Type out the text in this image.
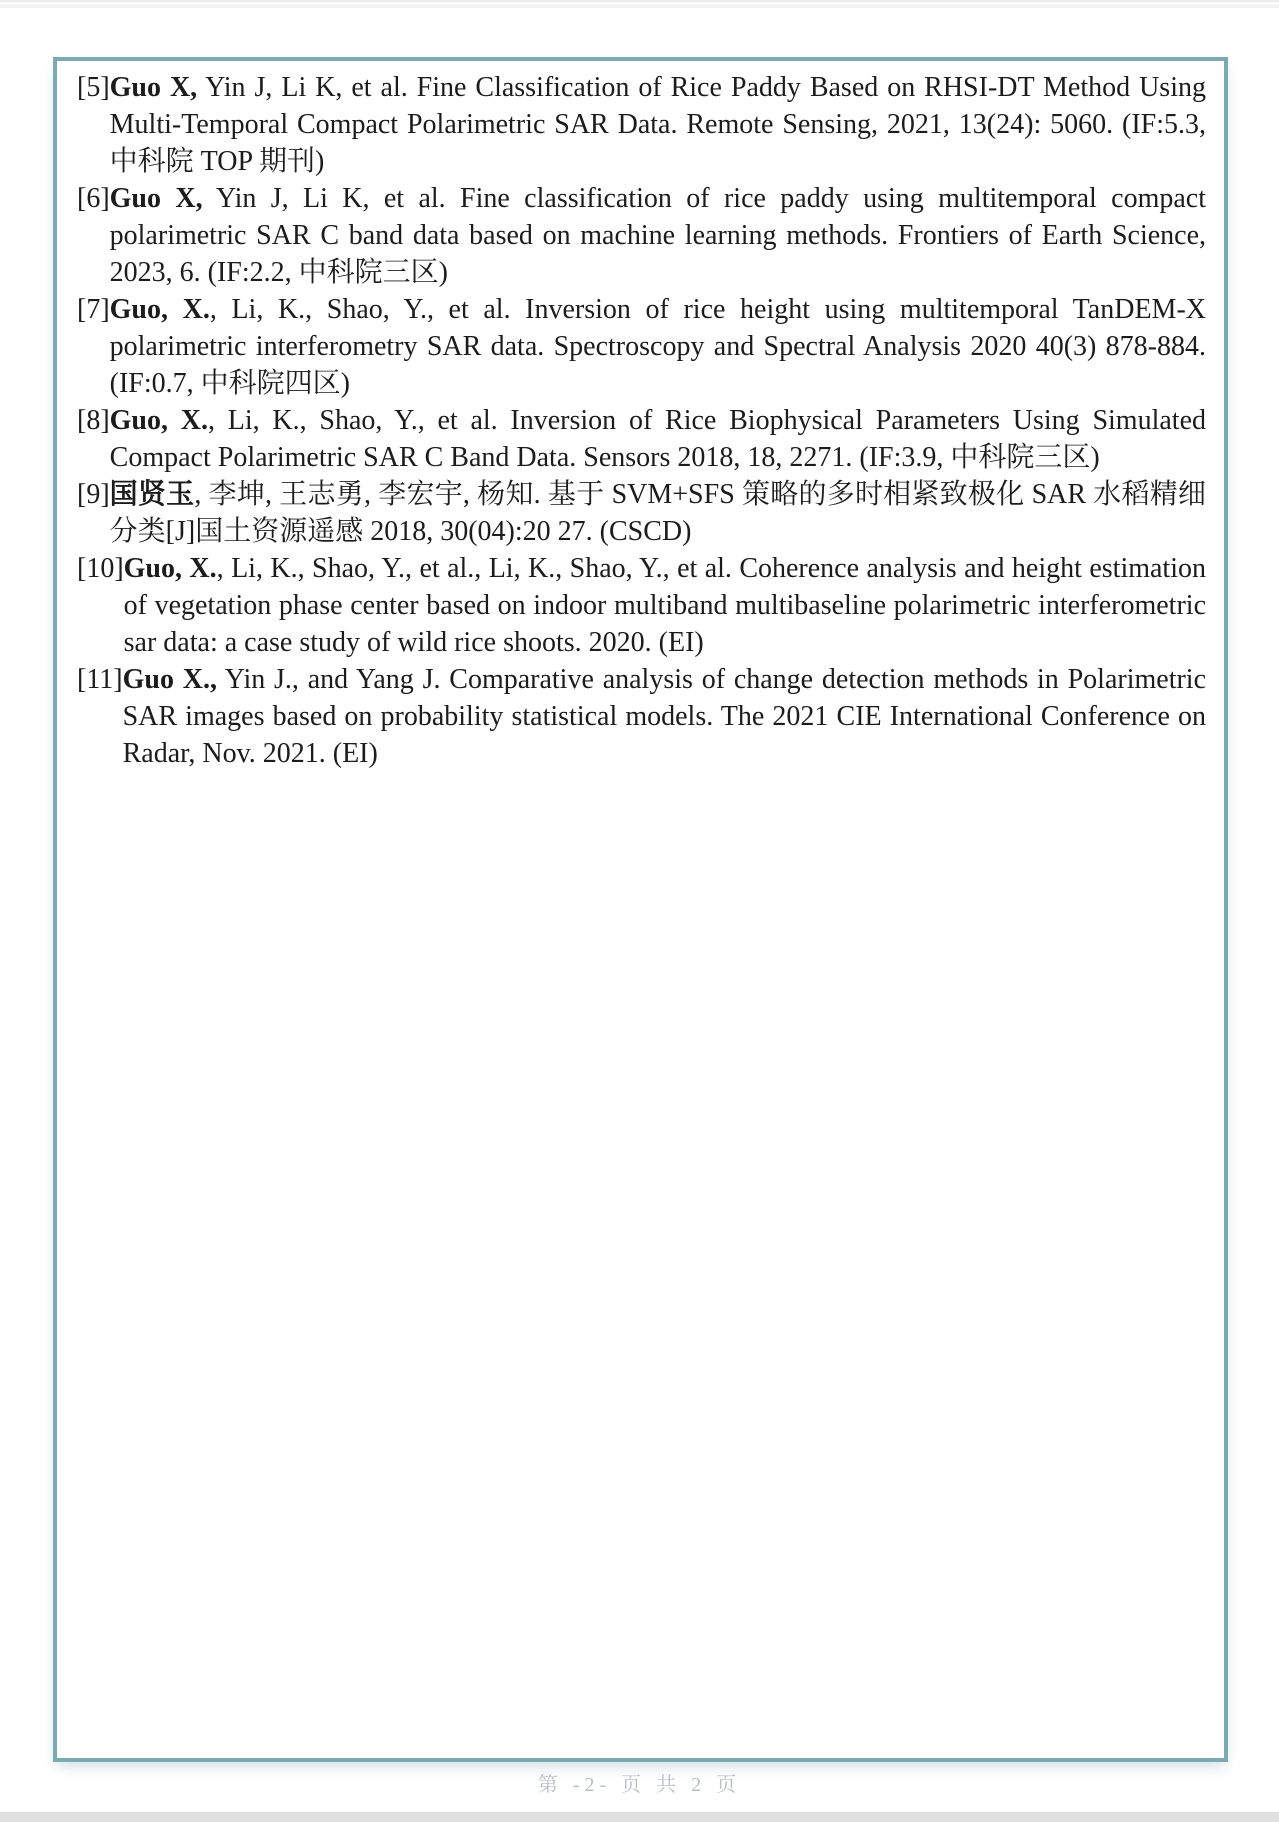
[5] Guo X, Yin J, Li K, et al. Fine Classification of Rice Paddy Based on RHSI-DT Method Using Multi-Temporal Compact Polarimetric SAR Data. Remote Sensing, 2021, 13(24): 5060. (IF:5.3, 中科院 TOP 期刊)
[6] Guo X, Yin J, Li K, et al. Fine classification of rice paddy using multitemporal compact polarimetric SAR C band data based on machine learning methods. Frontiers of Earth Science, 2023, 6. (IF:2.2, 中科院三区)
[7] Guo, X., Li, K., Shao, Y., et al. Inversion of rice height using multitemporal TanDEM-X polarimetric interferometry SAR data. Spectroscopy and Spectral Analysis 2020 40(3) 878-884. (IF:0.7, 中科院四区)
[8] Guo, X., Li, K., Shao, Y., et al. Inversion of Rice Biophysical Parameters Using Simulated Compact Polarimetric SAR C Band Data. Sensors 2018, 18, 2271. (IF:3.9, 中科院三区)
[9] 国贤玉, 李坤, 王志勇, 李宏宇, 杨知. 基于 SVM+SFS 策略的多时相紧致极化 SAR 水稻精细分类[J]国土资源遥感 2018, 30(04):20 27. (CSCD)
[10] Guo, X., Li, K., Shao, Y., et al., Li, K., Shao, Y., et al. Coherence analysis and height estimation of vegetation phase center based on indoor multiband multibaseline polarimetric interferometric sar data: a case study of wild rice shoots. 2020. (EI)
[11] Guo X., Yin J., and Yang J. Comparative analysis of change detection methods in Polarimetric SAR images based on probability statistical models. The 2021 CIE International Conference on Radar, Nov. 2021. (EI)
第 -2- 页 共 2 页
